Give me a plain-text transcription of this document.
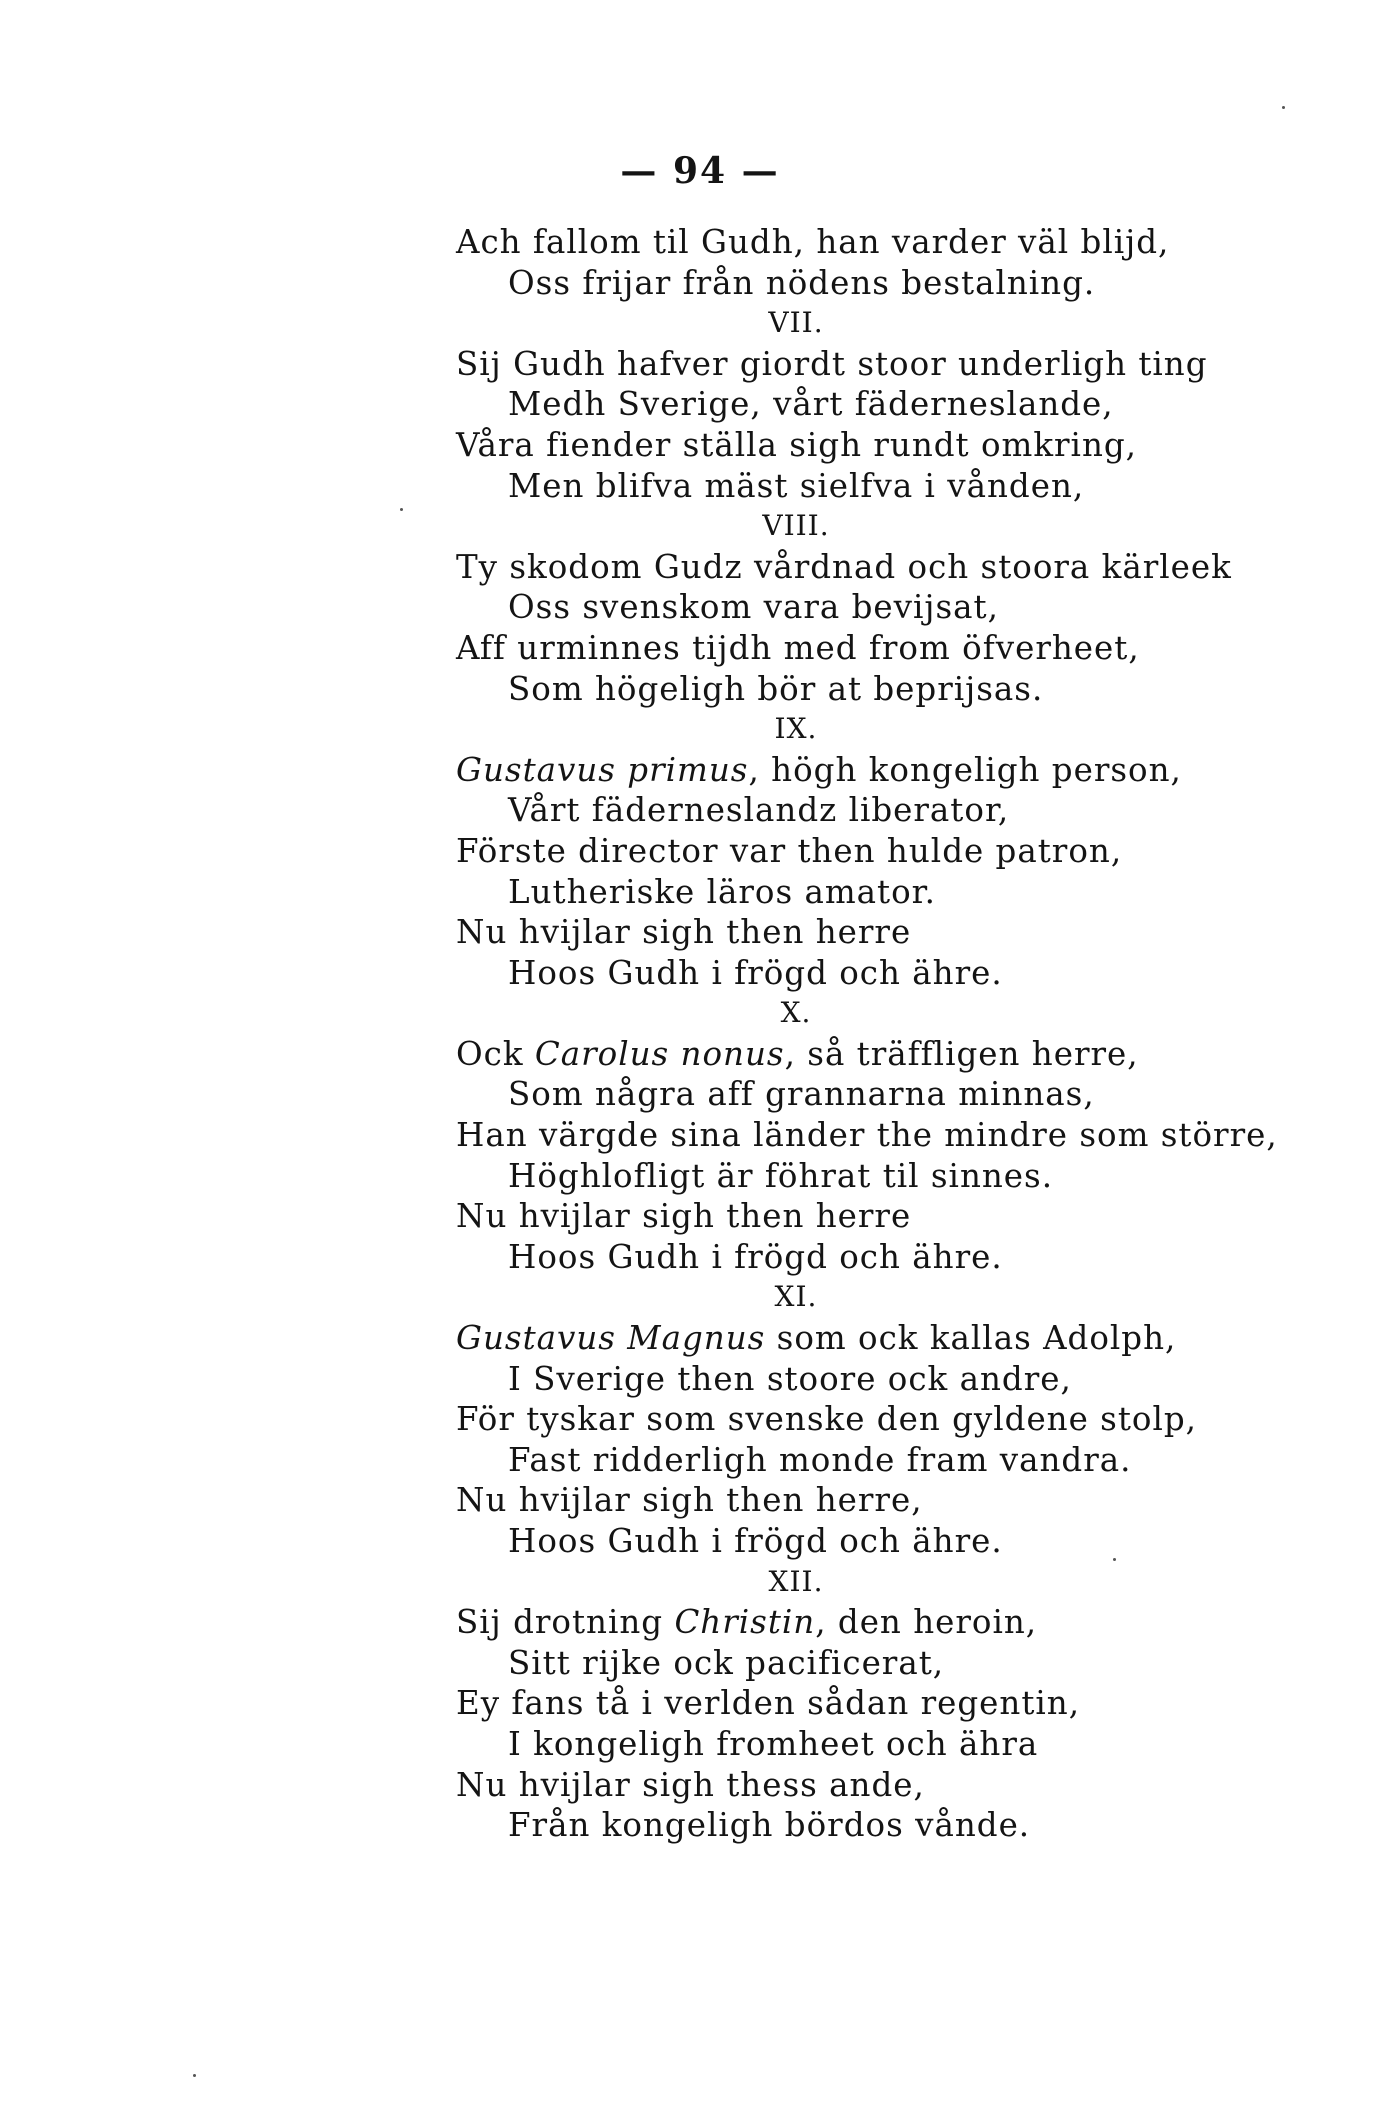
— 94 —
Ach fallom til Gudh, han varder väl blijd,
Oss frijar från nödens bestalning.
VII.
Sij Gudh hafver giordt stoor underligh ting
Medh Sverige, vårt fäderneslande,
Våra fiender ställa sigh rundt omkring,
Men blifva mäst sielfva i vånden,
VIII.
Ty skodom Gudz vårdnad och stoora kärleek
Oss svenskom vara bevijsat,
Aff urminnes tijdh med from öfverheet,
Som högeligh bör at beprijsas.
IX.
Gustavus primus, högh kongeligh person,
Vårt fäderneslandz liberator,
Förste director var then hulde patron,
Lutheriske läros amator.
Nu hvijlar sigh then herre
Hoos Gudh i frögd och ähre.
X.
Ock Carolus nonus, så träffligen herre,
Som några aff grannarna minnas,
Han värgde sina länder the mindre som större,
Höghlofligt är föhrat til sinnes.
Nu hvijlar sigh then herre
Hoos Gudh i frögd och ähre.
XI.
Gustavus Magnus som ock kallas Adolph,
I Sverige then stoore ock andre,
För tyskar som svenske den gyldene stolp,
Fast ridderligh monde fram vandra.
Nu hvijlar sigh then herre,
Hoos Gudh i frögd och ähre.
XII.
Sij drotning Christin, den heroin,
Sitt rijke ock pacificerat,
Ey fans tå i verlden sådan regentin,
I kongeligh fromheet och ähra
Nu hvijlar sigh thess ande,
Från kongeligh bördos vånde.
